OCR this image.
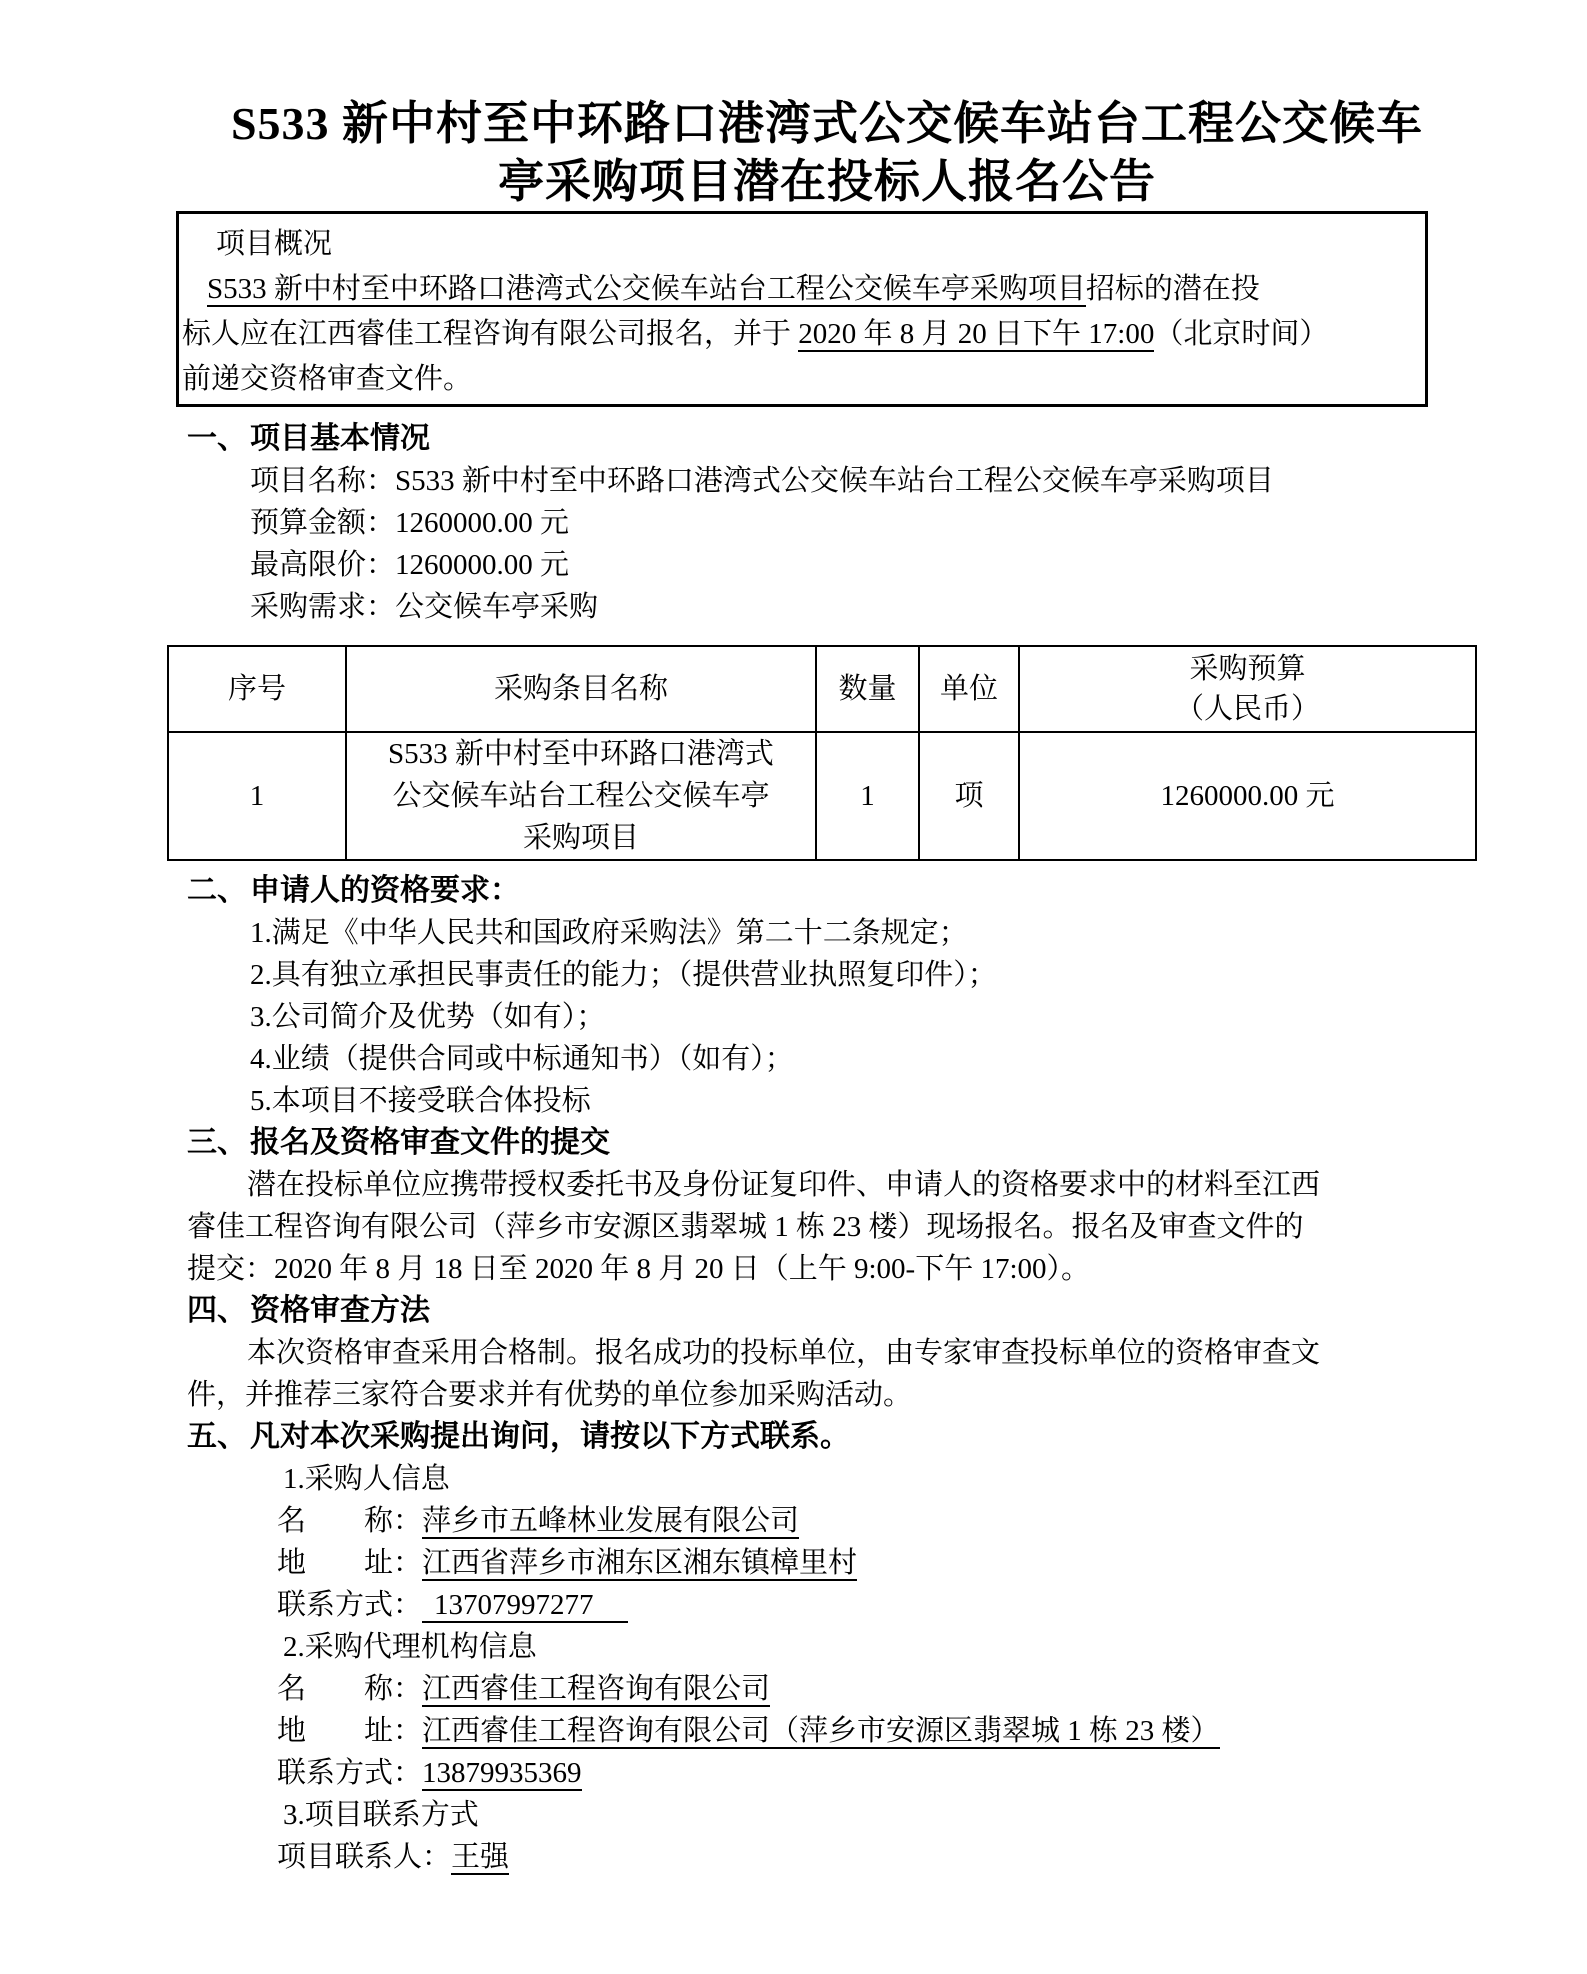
S533 新中村至中环路口港湾式公交候车站台工程公交候车
亭采购项目潜在投标人报名公告
项目概况
S533 新中村至中环路口港湾式公交候车站台工程公交候车亭采购项目招标的潜在投
标人应在江西睿佳工程咨询有限公司报名，并于 2020 年 8 月 20 日下午 17:00（北京时间）
前递交资格审查文件。
一、 项目基本情况
项目名称：S533 新中村至中环路口港湾式公交候车站台工程公交候车亭采购项目
预算金额：1260000.00 元
最高限价：1260000.00 元
采购需求：公交候车亭采购
序号	采购条目名称	数量	单位	采购预算
（人民币）

1	S533 新中村至中环路口港湾式
公交候车站台工程公交候车亭
采购项目	1	项	1260000.00 元
二、 申请人的资格要求：
1.满足《中华人民共和国政府采购法》第二十二条规定；
2.具有独立承担民事责任的能力；（提供营业执照复印件）；
3.公司简介及优势（如有）；
4.业绩（提供合同或中标通知书）（如有）；
5.本项目不接受联合体投标
三、 报名及资格审查文件的提交
潜在投标单位应携带授权委托书及身份证复印件、申请人的资格要求中的材料至江西
睿佳工程咨询有限公司（萍乡市安源区翡翠城 1 栋 23 楼）现场报名。报名及审查文件的
提交：2020 年 8 月 18 日至 2020 年 8 月 20 日（上午 9:00-下午 17:00）。
四、 资格审查方法
本次资格审查采用合格制。报名成功的投标单位，由专家审查投标单位的资格审查文
件，并推荐三家符合要求并有优势的单位参加采购活动。
五、 凡对本次采购提出询问，请按以下方式联系。
1.采购人信息
名　　称：萍乡市五峰林业发展有限公司
地　　址：江西省萍乡市湘东区湘东镇樟里村
联系方式： 13707997277
2.采购代理机构信息
名　　称：江西睿佳工程咨询有限公司
地　　址：江西睿佳工程咨询有限公司（萍乡市安源区翡翠城 1 栋 23 楼）
联系方式：13879935369
3.项目联系方式
项目联系人：王强
